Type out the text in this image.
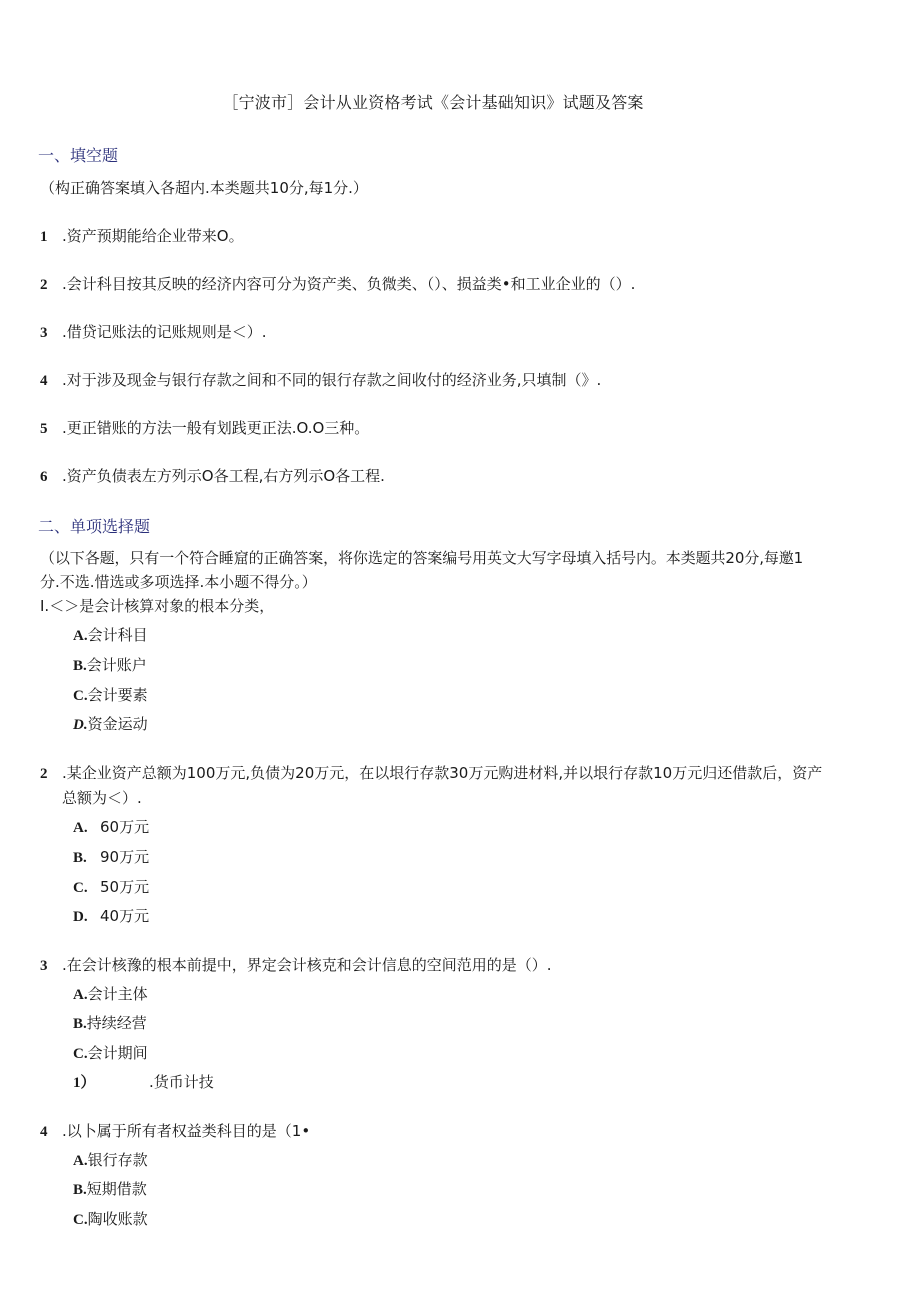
［宁波市］会计从业资格考试《会计基础知识》试题及答案
一、填空题
（构正确答案填入各超内.本类题共10分,每1分.）
1 .资产预期能给企业带来O。
2 .会计科目按其反映的经济内容可分为资产类、负微类、（）、损益类•和工业企业的（）.
3 .借贷记账法的记账规则是＜）.
4 .对于涉及现金与银行存款之间和不同的银行存款之间收付的经济业务,只填制（》.
5 .更正错账的方法一般有划践更正法.O.O三种。
6 .资产负债表左方列示O各工程,右方列示O各工程.
二、单项选择题
（以下各题，只有一个符合睡窟的正确答案，将你选定的答案编号用英文大写字母填入括号内。本类题共20分,每邀1
分.不选.惜选或多项选择.本小题不得分。）
I.＜＞是会计核算对象的根本分类，
A.会计科目
B.会计账户
C.会计要素
D.资金运动
2 .某企业资产总额为100万元,负债为20万元，在以垠行存款30万元购进材料,并以垠行存款10万元归还借款后，资产
总额为＜）.
A. 60万元
B. 90万元
C. 50万元
D. 40万元
3 .在会计核豫的根本前提中，界定会计核克和会计信息的空间范用的是（）.
A.会计主体
B.持续经营
C.会计期间
1）	.货币计技
4 .以卜属于所有者权益类科目的是（1•
A.银行存款
B.短期借款
C.陶收账款
